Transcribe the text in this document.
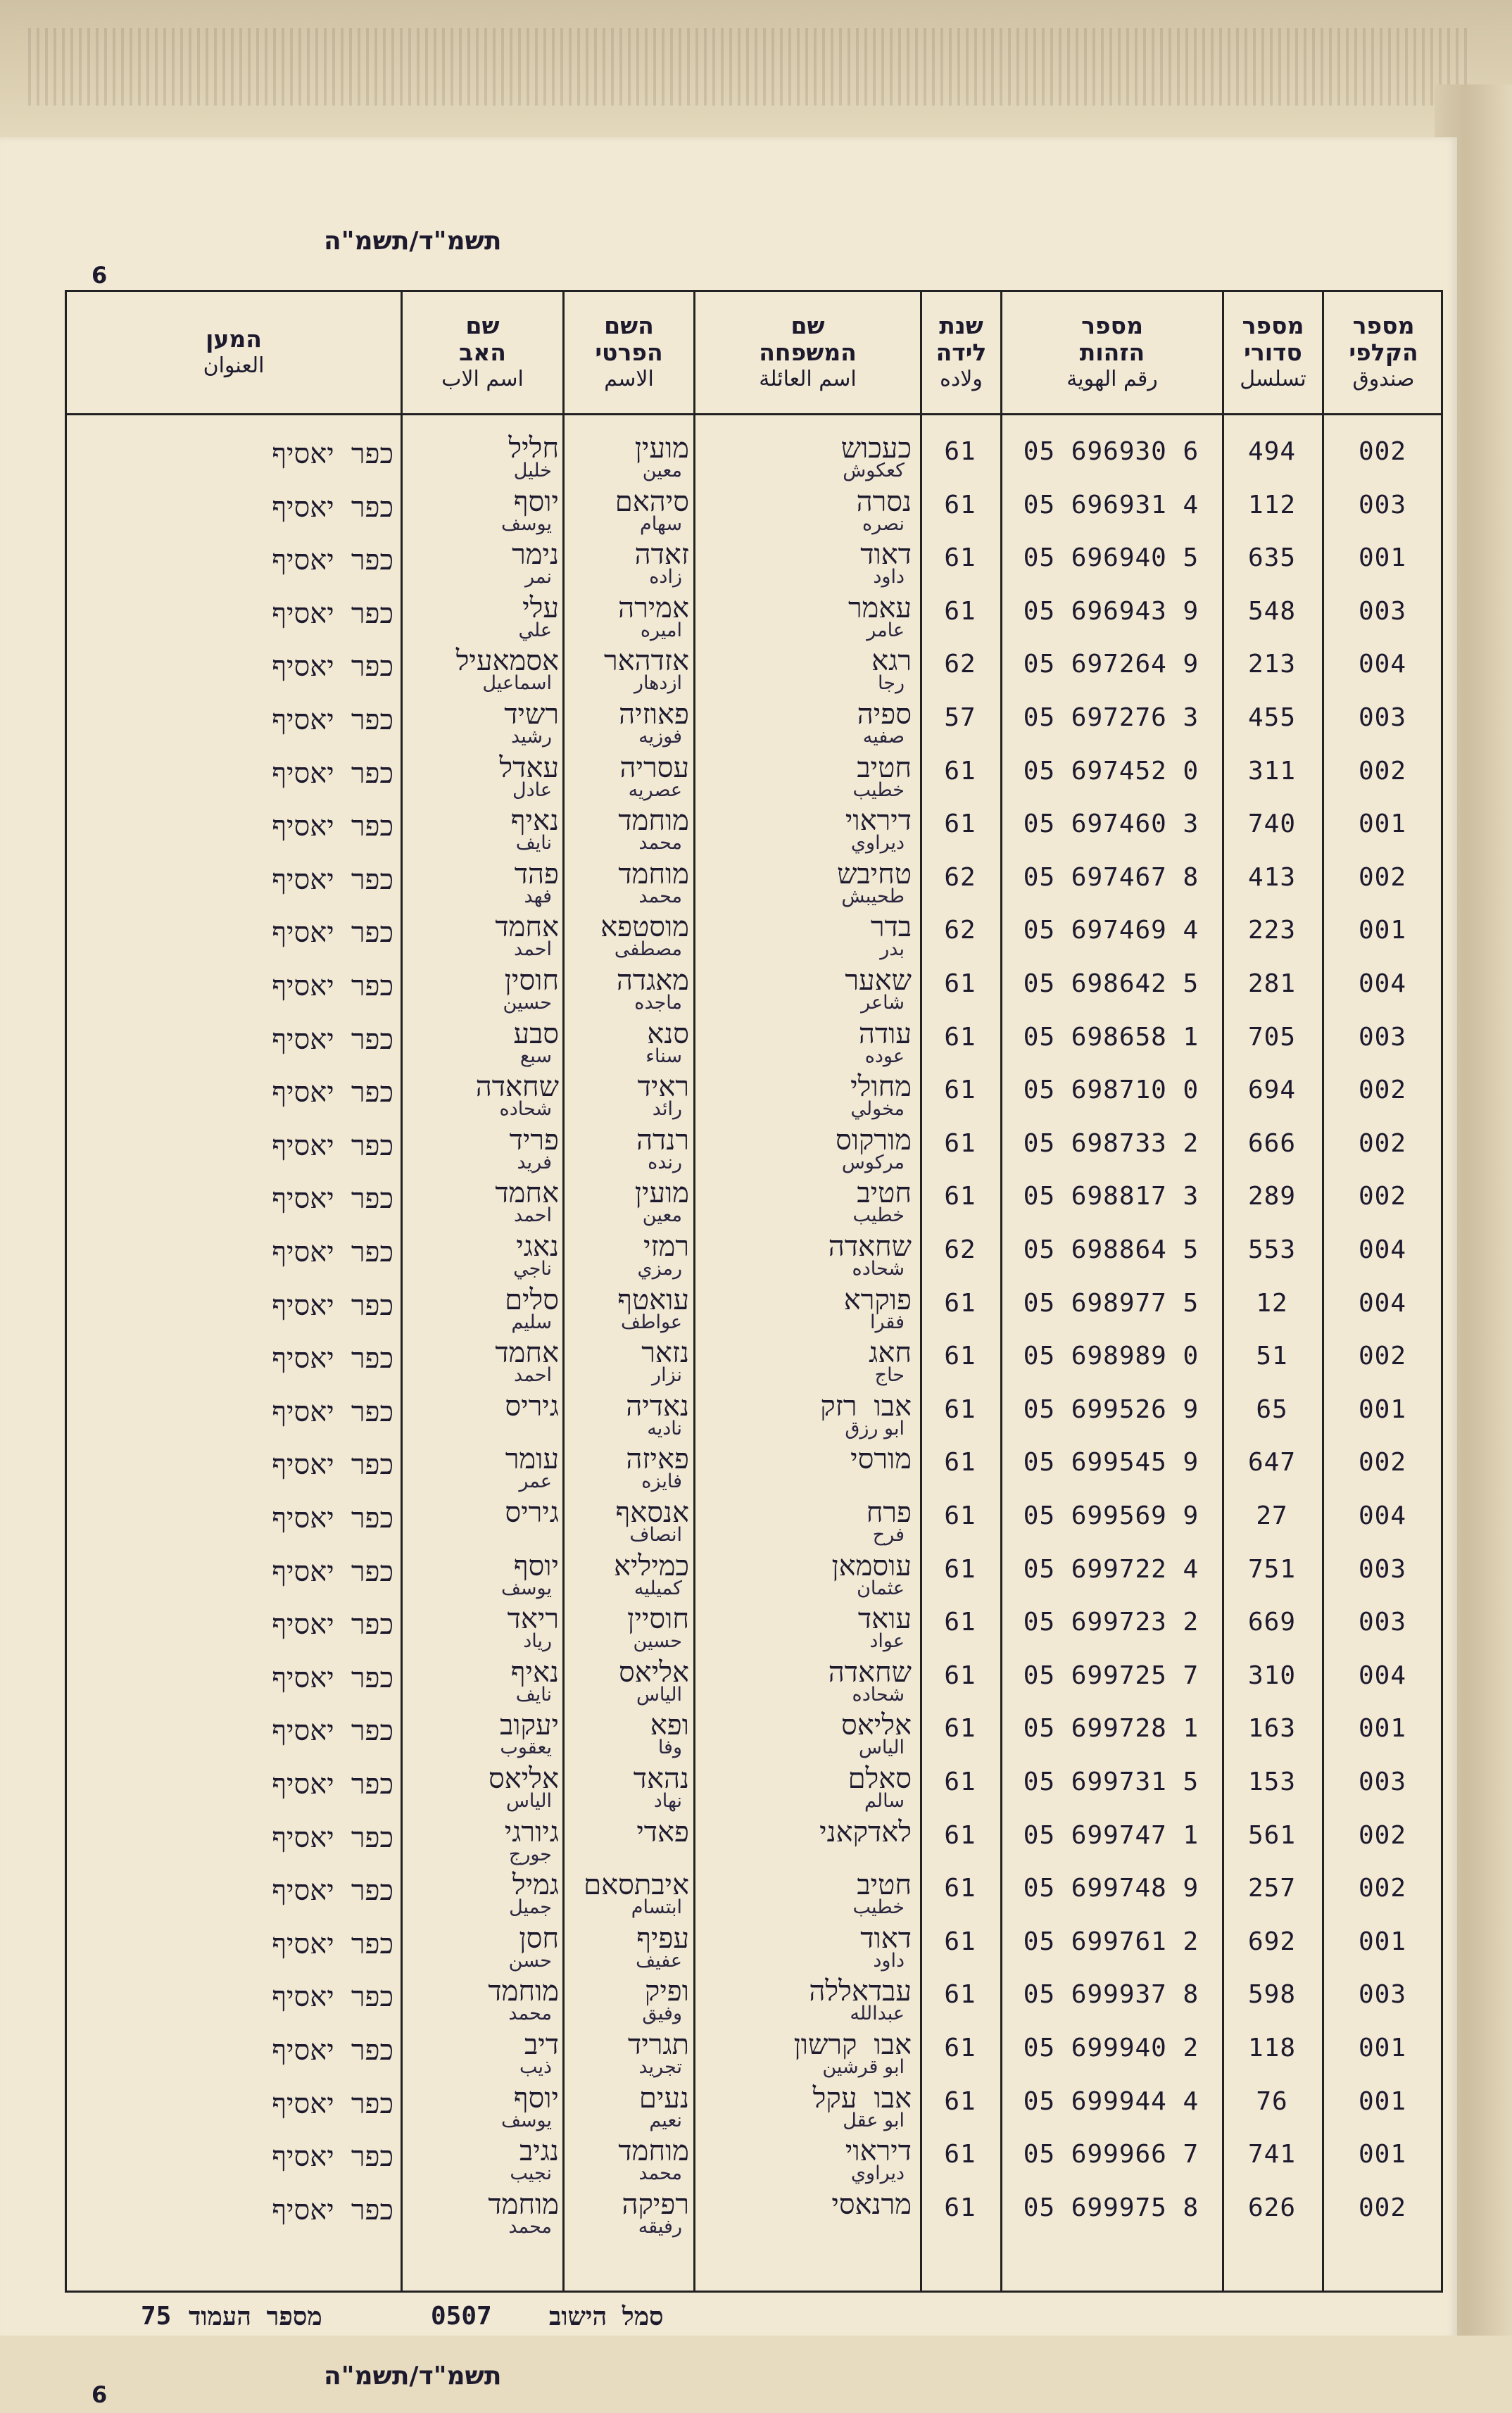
תשמ"ד/תשמ"ה
6
מספר
הקלפי
صندوق
מספר
סדורי
تسلسل
מספר
הזהות
رقم الهوية
שנת
לידה
ولاده
שם
המשפחה
اسم العائلة
השם
הפרטי
الاسم
שם
האב
اسم الاب
המען
العنوان
002
494
05 696930 6
61
כעכוש
كعكوش
מועין
معين
חליל
خليل
כפר יאסיף
003
112
05 696931 4
61
נסרה
نصره
סיהאם
سهام
יוסף
يوسف
כפר יאסיף
001
635
05 696940 5
61
דאוד
داود
זאדה
زاده
נימר
نمر
כפר יאסיף
003
548
05 696943 9
61
עאמר
عامر
אמירה
اميره
עלי
علي
כפר יאסיף
004
213
05 697264 9
62
רגא
رجا
אזדהאר
ازدهار
אסמאעיל
اسماعيل
כפר יאסיף
003
455
05 697276 3
57
ספיה
صفيه
פאוזיה
فوزيه
רשיד
رشيد
כפר יאסיף
002
311
05 697452 0
61
חטיב
خطيب
עסריה
عصريه
עאדל
عادل
כפר יאסיף
001
740
05 697460 3
61
דיראוי
ديراوي
מוחמד
محمد
נאיף
نايف
כפר יאסיף
002
413
05 697467 8
62
טחיבש
طحيبش
מוחמד
محمد
פהד
فهد
כפר יאסיף
001
223
05 697469 4
62
בדר
بدر
מוסטפא
مصطفى
אחמד
احمد
כפר יאסיף
004
281
05 698642 5
61
שאער
شاعر
מאגדה
ماجده
חוסין
حسين
כפר יאסיף
003
705
05 698658 1
61
עודה
عوده
סנא
سناء
סבע
سبع
כפר יאסיף
002
694
05 698710 0
61
מחולי
مخولي
ראיד
رائد
שחאדה
شحاده
כפר יאסיף
002
666
05 698733 2
61
מורקוס
مركوس
רנדה
رنده
פריד
فريد
כפר יאסיף
002
289
05 698817 3
61
חטיב
خطيب
מועין
معين
אחמד
احمد
כפר יאסיף
004
553
05 698864 5
62
שחאדה
شحاده
רמזי
رمزي
נאגי
ناجي
כפר יאסיף
004
12
05 698977 5
61
פוקרא
فقرا
עואטף
عواطف
סלים
سليم
כפר יאסיף
002
51
05 698989 0
61
חאג
حاج
נזאר
نزار
אחמד
احمد
כפר יאסיף
001
65
05 699526 9
61
אבו רזק
ابو رزق
נאדיה
ناديه
גיריס
כפר יאסיף
002
647
05 699545 9
61
מורסי
פאיזה
فايزه
עומר
عمر
כפר יאסיף
004
27
05 699569 9
61
פרח
فرح
אנסאף
انصاف
גיריס
כפר יאסיף
003
751
05 699722 4
61
עוסמאן
عثمان
כמיליא
كميليه
יוסף
يوسف
כפר יאסיף
003
669
05 699723 2
61
עואד
عواد
חוסיין
حسين
ריאד
رياد
כפר יאסיף
004
310
05 699725 7
61
שחאדה
شحاده
אליאס
الياس
נאיף
نايف
כפר יאסיף
001
163
05 699728 1
61
אליאס
الياس
ופא
وفا
יעקוב
يعقوب
כפר יאסיף
003
153
05 699731 5
61
סאלם
سالم
נהאד
نهاد
אליאס
الياس
כפר יאסיף
002
561
05 699747 1
61
לאדקאני
פאדי
גיורגי
جورج
כפר יאסיף
002
257
05 699748 9
61
חטיב
خطيب
איבתסאם
ابتسام
גמיל
جميل
כפר יאסיף
001
692
05 699761 2
61
דאוד
داود
עפיף
عفيف
חסן
حسن
כפר יאסיף
003
598
05 699937 8
61
עבדאללה
عبدالله
ופיק
وفيق
מוחמד
محمد
כפר יאסיף
001
118
05 699940 2
61
אבו קרשון
ابو قرشين
תגריד
تجريد
דיב
ذيب
כפר יאסיף
001
76
05 699944 4
61
אבו עקל
ابو عقل
נעים
نعيم
יוסף
يوسف
כפר יאסיף
001
741
05 699966 7
61
דיראוי
ديراوي
מוחמד
محمد
נגיב
نجيب
כפר יאסיף
002
626
05 699975 8
61
מרנאסי
רפיקה
رفيقه
מוחמד
محمد
כפר יאסיף
75 מספר העמוד	0507 סמל הישוב
תשמ"ד/תשמ"ה
6
